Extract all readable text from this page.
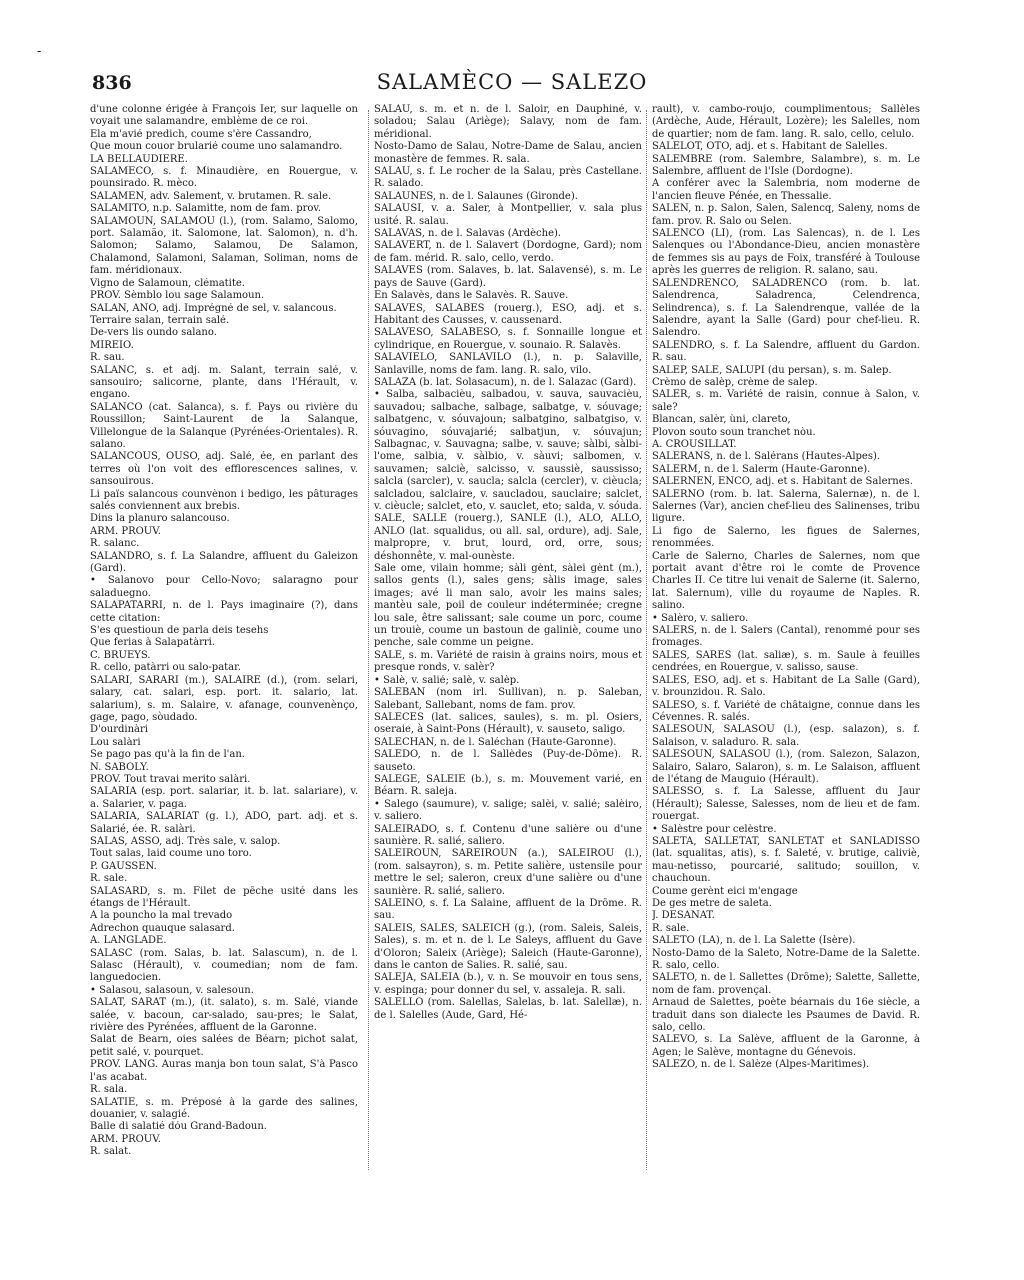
-
836	SALAMÈCO — SALEZO
d'une colonne érigée à François Ier, sur laquelle on voyait une salamandre, emblème de ce roi.
Ela m'avié predich, coume s'ère Cassandro,
Que moun couor brularié coume uno salamandro.
LA BELLAUDIÈRE.
SALAMÈCO, s. f. Minaudière, en Rouergue, v. pounsirado. R. mèco.
SALAMEN, adv. Salement, v. brutamen. R. sale.
SALAMITO, n.p. Salamitte, nom de fam. prov.
SALAMOUN, SALAMOU (l.), (rom. Salamo, Salomo, port. Salamão, it. Salomone, lat. Salomon), n. d'h. Salomon; Salamo, Salamou, De Salamon, Chalamond, Salamoni, Salaman, Soliman, noms de fam. méridionaux.
Vigno de Salamoun, clématite.
PROV. Sèmblo lou sage Salamoun.
SALAN, ANO, adj. Imprégné de sel, v. salancous.
Terraire salan, terrain salé.
De-vers lis oundo salano.
MIRÈIO.
R. sau.
SALANC, s. et adj. m. Salant, terrain salé, v. sansouiro; salicorne, plante, dans l'Hérault, v. engano.
SALANCO (cat. Salanca), s. f. Pays ou rivière du Roussillon; Saint-Laurent de la Salanque, Villelongue de la Salanque (Pyrénées-Orientales). R. salano.
SALANCOUS, OUSO, adj. Salé, ée, en parlant des terres où l'on voit des efflorescences salines, v. sansouirous.
Li païs salancous counvènon i bedigo, les pâturages salés conviennent aux brebis.
Dins la planuro salancouso.
ARM. PROUV.
R. salanc.
SALANDRO, s. f. La Salandre, affluent du Galeizon (Gard).
• Salanovo pour Cello-Novo; salaragno pour saladuegno.
SALAPATÀRRI, n. de l. Pays imaginaire (?), dans cette citation:
S'es questioun de parla deis tesehs
Que ferias à Salapatàrri.
C. BRUEYS.
R. cello, patàrri ou salo-patar.
SALÀRI, SARÀRI (m.), SALAIRE (d.), (rom. selari, salary, cat. salari, esp. port. it. salario, lat. salarium), s. m. Salaire, v. afanage, counvenènço, gage, pago, sòudado.
D'ourdinàri
Lou salàri
Se pago pas qu'à la fin de l'an.
N. SABOLY.
PROV. Tout travai merito salàri.
SALARIA (esp. port. salariar, it. b. lat. salariare), v. a. Salarier, v. paga.
SALARIA, SALARIAT (g. l.), ADO, part. adj. et s. Salarié, ée. R. salàri.
SALAS, ASSO, adj. Très sale, v. salop.
Tout salas, laid coume uno toro.
P. GAUSSEN.
R. sale.
SALASARD, s. m. Filet de pêche usité dans les étangs de l'Hérault.
A la pouncho la mal trevado
Adrechon quauque salasard.
A. LANGLADE.
SALASC (rom. Salas, b. lat. Salascum), n. de l. Salasc (Hérault), v. coumedian; nom de fam. languedocien.
• Salasou, salasoun, v. salesoun.
SALAT, SARAT (m.), (it. salato), s. m. Salé, viande salée, v. bacoun, car-salado, sau-pres; le Salat, rivière des Pyrénées, affluent de la Garonne.
Salat de Bearn, oies salées de Béarn; pichot salat, petit salé, v. pourquet.
PROV. LANG. Auras manja bon toun salat, S'à Pasco l'as acabat.
R. sala.
SALATIÉ, s. m. Préposé à la garde des salines, douanier, v. salagié.
Balle di salatié dóu Grand-Badoun.
ARM. PROUV.
R. salat.
SALAU, s. m. et n. de l. Saloir, en Dauphiné, v. soladou; Salau (Ariège); Salavy, nom de fam. méridional.
Nosto-Damo de Salau, Notre-Dame de Salau, ancien monastère de femmes. R. sala.
SALAU, s. f. Le rocher de la Salau, près Castellane. R. salado.
SALAUNES, n. de l. Salaunes (Gironde).
SALAUSI, v. a. Saler, à Montpellier, v. sala plus usité. R. salau.
SALAVAS, n. de l. Salavas (Ardèche).
SALAVERT, n. de l. Salavert (Dordogne, Gard); nom de fam. mérid. R. salo, cello, verdo.
SALAVÈS (rom. Salaves, b. lat. Salavensé), s. m. Le pays de Sauve (Gard).
En Salavès, dans le Salavès. R. Sauve.
SALAVÈS, SALABÈS (rouerg.), ESO, adj. et s. Habitant des Causses, v. caussenard.
SALAVESO, SALABESO, s. f. Sonnaille longue et cylindrique, en Rouergue, v. sounaio. R. Salavès.
SALAVIELO, SANLAVILO (l.), n. p. Salaville, Sanlaville, noms de fam. lang. R. salo, vilo.
SALAZA (b. lat. Solasacum), n. de l. Salazac (Gard).
• Salba, salbacièu, salbadou, v. sauva, sauvacièu, sauvadou; salbache, salbage, salbatge, v. sóuvage; salbatgenc, v. sóuvajoun; salbatgino, salbatgiso, v. sóuvagino, sóuvajarié; salbatjun, v. sóuvajun; Salbagnac, v. Sauvagna; salbe, v. sauve; sàlbi, sàlbi-l'ome, salbia, v. sàlbio, v. sàuvi; salbomen, v. sauvamen; salciè, salcisso, v. saussiè, saussisso; salcla (sarcler), v. saucla; salcla (cercler), v. cièucla; salcladou, salclaire, v. saucladou, sauclaire; salclet, v. cièucle; salclet, eto, v. sauclet, eto; salda, v. sóuda.
SALE, SALLE (rouerg.), SANLE (l.), ALO, ALLO, ANLO (lat. squalidus, ou all. sal, ordure), adj. Sale, malpropre, v. brut, lourd, ord, orre, sous; déshonnête, v. mal-ounèste.
Sale ome, vilain homme; sàli gènt, sàlei gènt (m.), sallos gents (l.), sales gens; sàlis image, sales images; avé li man salo, avoir les mains sales; mantèu sale, poil de couleur indéterminée; cregne lou sale, être salissant; sale coume un porc, coume un trouiè, coume un bastoun de galiniè, coume uno penche, sale comme un peigne.
SALE, s. m. Variété de raisin à grains noirs, mous et presque ronds, v. salèr?
• Salè, v. salié; salè, v. salèp.
SALEBAN (nom irl. Sullivan), n. p. Saleban, Salebant, Sallebant, noms de fam. prov.
SALECES (lat. salices, saules), s. m. pl. Osiers, oseraie, à Saint-Pons (Hérault), v. sauseto, saligo.
SALECHAN, n. de l. Saléchan (Haute-Garonne).
SALEDO, n. de l. Sallèdes (Puy-de-Dôme). R. sauseto.
SALEGE, SALEIE (b.), s. m. Mouvement varié, en Béarn. R. saleja.
• Salego (saumure), v. salige; salèi, v. salié; salèiro, v. saliero.
SALEIRADO, s. f. Contenu d'une salière ou d'une saunière. R. salié, saliero.
SALEIROUN, SAREIROUN (a.), SALEIROU (l.), (rom. salsayron), s. m. Petite salière, ustensile pour mettre le sel; saleron, creux d'une salière ou d'une saunière. R. salié, saliero.
SALÈINO, s. f. La Salaine, affluent de la Drôme. R. sau.
SALÈIS, SALÈS, SALÈICH (g.), (rom. Saleis, Saleis, Sales), s. m. et n. de l. Le Saleys, affluent du Gave d'Oloron; Saleix (Ariège); Saleich (Haute-Garonne), dans le canton de Salies. R. salié, sau.
SALEJA, SALEIA (b.), v. n. Se mouvoir en tous sens, v. espinga; pour donner du sel, v. assaleja. R. sali.
SALELLO (rom. Salellas, Salelas, b. lat. Salellæ), n. de l. Salelles (Aude, Gard, Hé-
rault), v. cambo-roujo, coumplimentous; Sallèles (Ardèche, Aude, Hérault, Lozère); les Salelles, nom de quartier; nom de fam. lang. R. salo, cello, celulo.
SALÈLOT, OTO, adj. et s. Habitant de Salelles.
SALEMBRE (rom. Salembre, Salambre), s. m. Le Salembre, affluent de l'Isle (Dordogne).
A conférer avec la Salembria, nom moderne de l'ancien fleuve Pénée, en Thessalie.
SALEN, n. p. Salon, Salen, Salencq, Saleny, noms de fam. prov. R. Salo ou Selen.
SALENCO (LI), (rom. Las Salencas), n. de l. Les Salenques ou l'Abondance-Dieu, ancien monastère de femmes sis au pays de Foix, transféré à Toulouse après les guerres de religion. R. salano, sau.
SALENDRENCO, SALADRENCO (rom. b. lat. Salendrenca, Saladrenca, Celendrenca, Selindrenca), s. f. La Salendrenque, vallée de la Salendre, ayant la Salle (Gard) pour chef-lieu. R. Salendro.
SALENDRO, s. f. La Salendre, affluent du Gardon. R. sau.
SALÈP, SALÈ, SALÙPI (du persan), s. m. Salep.
Crèmo de salèp, crème de salep.
SALÈR, s. m. Variété de raisin, connue à Salon, v. sale?
Blancan, salèr, ùni, clareto,
Plovon souto soun tranchet nòu.
A. CROUSILLAT.
SALERANS, n. de l. Salérans (Hautes-Alpes).
SALERM, n. de l. Salerm (Haute-Garonne).
SALERNEN, ENCO, adj. et s. Habitant de Salernes.
SALERNO (rom. b. lat. Salerna, Salernæ), n. de l. Salernes (Var), ancien chef-lieu des Salinenses, tribu ligure.
Li figo de Salerno, les figues de Salernes, renommées.
Carle de Salerno, Charles de Salernes, nom que portait avant d'être roi le comte de Provence Charles II. Ce titre lui venait de Salerne (it. Salerno, lat. Salernum), ville du royaume de Naples. R. salino.
• Salèro, v. saliero.
SALERS, n. de l. Salers (Cantal), renommé pour ses fromages.
SALÈS, SARES (lat. saliæ), s. m. Saule à feuilles cendrées, en Rouergue, v. salisso, sause.
SALÉS, ESO, adj. et s. Habitant de La Salle (Gard), v. brounzidou. R. Salo.
SALESO, s. f. Variété de châtaigne, connue dans les Cévennes. R. salés.
SALESOUN, SALASOU (l.), (esp. salazon), s. f. Salaison, v. saladuro. R. sala.
SALESOUN, SALASOU (l.), (rom. Salezon, Salazon, Salairo, Salaro, Salaron), s. m. Le Salaison, affluent de l'étang de Mauguio (Hérault).
SALESSO, s. f. La Salesse, affluent du Jaur (Hérault); Salesse, Salesses, nom de lieu et de fam. rouergat.
• Salèstre pour celèstre.
SALETA, SALLETAT, SANLETAT et SANLADISSO (lat. squalitas, atis), s. f. Saleté, v. brutige, caliviè, mau-netisso, pourcarié, salitudo; souillon, v. chauchoun.
Coume gerènt eici m'engage
De ges metre de saleta.
J. DÉSANAT.
R. sale.
SALETO (LA), n. de l. La Salette (Isère).
Nosto-Damo de la Saleto, Notre-Dame de la Salette. R. salo, cello.
SALETO, n. de l. Sallettes (Drôme); Salette, Sallette, nom de fam. provençal.
Arnaud de Salettes, poète béarnais du 16e siècle, a traduit dans son dialecte les Psaumes de David. R. salo, cello.
SALEVO, s. La Salève, affluent de la Garonne, à Agen; le Salève, montagne du Génevois.
SALEZO, n. de l. Salèze (Alpes-Maritimes).
